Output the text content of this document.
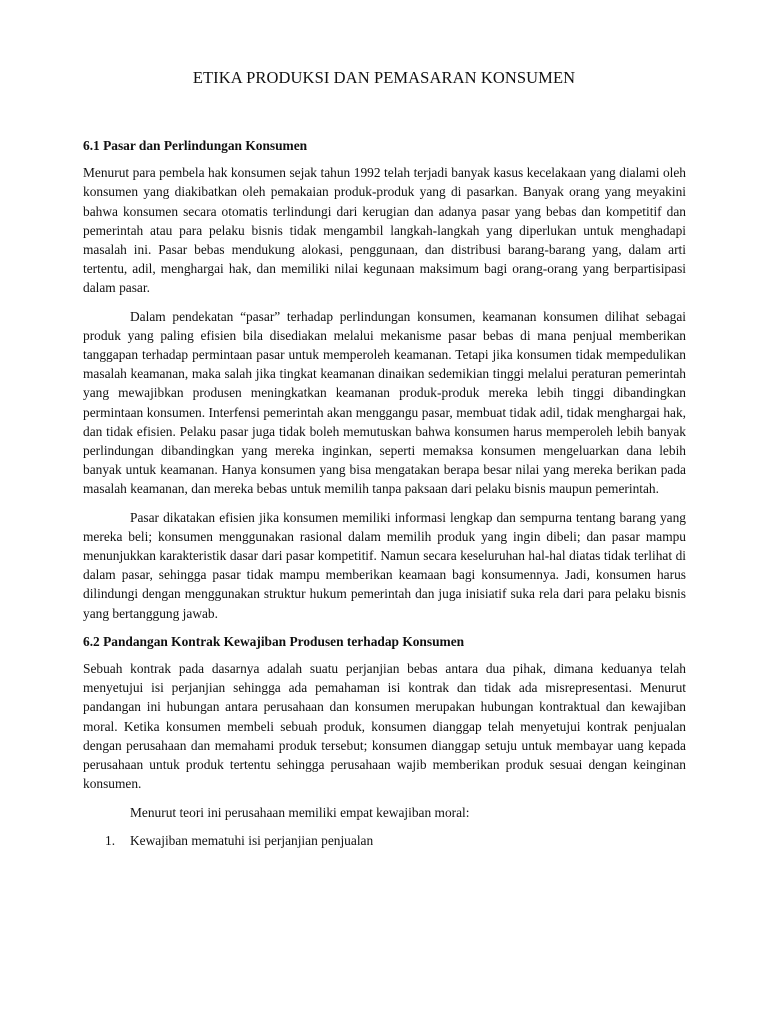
ETIKA PRODUKSI DAN PEMASARAN KONSUMEN
6.1 Pasar dan Perlindungan Konsumen

Menurut para pembela hak konsumen sejak tahun 1992 telah terjadi banyak kasus kecelakaan yang dialami oleh konsumen yang diakibatkan oleh pemakaian produk-produk yang di pasarkan. Banyak orang yang meyakini bahwa konsumen secara otomatis terlindungi dari kerugian dan adanya pasar yang bebas dan kompetitif dan pemerintah atau para pelaku bisnis tidak mengambil langkah-langkah yang diperlukan untuk menghadapi masalah ini. Pasar bebas mendukung alokasi, penggunaan, dan distribusi barang-barang yang, dalam arti tertentu, adil, menghargai hak, dan memiliki nilai kegunaan maksimum bagi orang-orang yang berpartisipasi dalam pasar.

Dalam pendekatan “pasar” terhadap perlindungan konsumen, keamanan konsumen dilihat sebagai produk yang paling efisien bila disediakan melalui mekanisme pasar bebas di mana penjual memberikan tanggapan terhadap permintaan pasar untuk memperoleh keamanan. Tetapi jika konsumen tidak mempedulikan masalah keamanan, maka salah jika tingkat keamanan dinaikan sedemikian tinggi melalui peraturan pemerintah yang mewajibkan produsen meningkatkan keamanan produk-produk mereka lebih tinggi dibandingkan permintaan konsumen. Interfensi pemerintah akan menggangu pasar, membuat tidak adil, tidak menghargai hak, dan tidak efisien. Pelaku pasar juga tidak boleh memutuskan bahwa konsumen harus memperoleh lebih banyak perlindungan dibandingkan yang mereka inginkan, seperti memaksa konsumen mengeluarkan dana lebih banyak untuk keamanan. Hanya konsumen yang bisa mengatakan berapa besar nilai yang mereka berikan pada masalah keamanan, dan mereka bebas untuk memilih tanpa paksaan dari pelaku bisnis maupun pemerintah.

Pasar dikatakan efisien jika konsumen memiliki informasi lengkap dan sempurna tentang barang yang mereka beli; konsumen menggunakan rasional dalam memilih produk yang ingin dibeli; dan pasar mampu menunjukkan karakteristik dasar dari pasar kompetitif. Namun secara keseluruhan hal-hal diatas tidak terlihat di dalam pasar, sehingga pasar tidak mampu memberikan keamaan bagi konsumennya. Jadi, konsumen harus dilindungi dengan menggunakan struktur hukum pemerintah dan juga inisiatif suka rela dari para pelaku bisnis yang bertanggung jawab.

6.2 Pandangan Kontrak Kewajiban Produsen terhadap Konsumen

Sebuah kontrak pada dasarnya adalah suatu perjanjian bebas antara dua pihak, dimana keduanya telah menyetujui isi perjanjian sehingga ada pemahaman isi kontrak dan tidak ada misrepresentasi. Menurut pandangan ini hubungan antara perusahaan dan konsumen merupakan hubungan kontraktual dan kewajiban moral. Ketika konsumen membeli sebuah produk, konsumen dianggap telah menyetujui kontrak penjualan dengan perusahaan dan memahami produk tersebut; konsumen dianggap setuju untuk membayar uang kepada perusahaan untuk produk tertentu sehingga perusahaan wajib memberikan produk sesuai dengan keinginan konsumen.

Menurut teori ini perusahaan memiliki empat kewajiban moral:

1. Kewajiban mematuhi isi perjanjian penjualan
